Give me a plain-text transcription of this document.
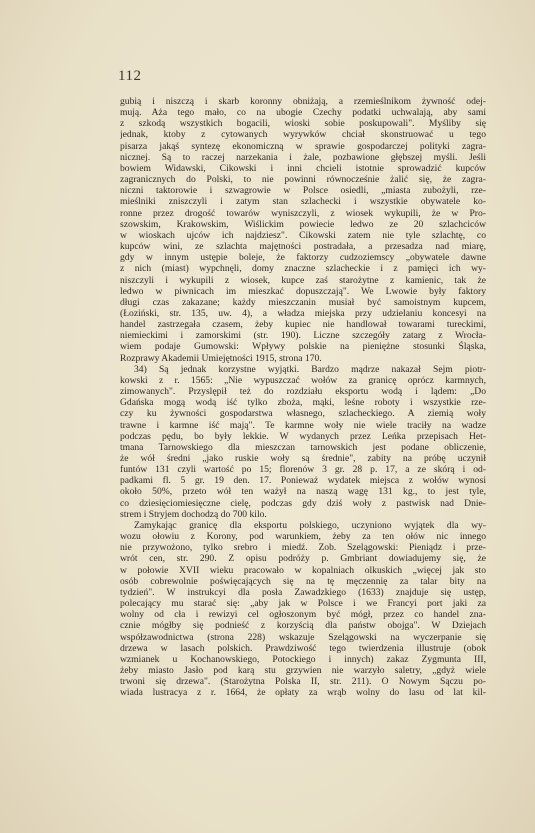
112
gubią i niszczą i skarb koronny obniżają, a rzemieślnikom żywność odej-
mują. Aża tego mało, co na ubogie Czechy podatki uchwalają, aby sami
z szkodą wszystkich bogacili, wioski sobie poskupowali". Myśliby się
jednak, ktoby z cytowanych wyrywków chciał skonstruować u tego
pisarza jakąś syntezę ekonomiczną w sprawie gospodarczej polityki zagra-
nicznej. Są to raczej narzekania i żale, pozbawione głębszej myśli. Jeśli
bowiem Widawski, Cikowski i inni chcieli istotnie sprowadzić kupców
zagranicznych do Polski, to nie powinni równocześnie żalić się, że zagra-
niczni taktorowie i szwagrowie w Polsce osiedli, „miasta zubożyli, rze-
mieślniki zniszczyli i zatym stan szlachecki i wszystkie obywatele ko-
ronne przez drogość towarów wyniszczyli, z wiosek wykupili, że w Pro-
szowskim, Krakowskim, Wiślickim powiecie ledwo ze 20 szlachciców
w wioskach ujców ich najdziesz". Cikowski zatem nie tyle szlachtę, co
kupców wini, ze szlachta majętności postradała, a przesadza nad miarę,
gdy w innym ustępie boleje, że faktorzy cudzoziemscy „obywatele dawne
z nich (miast) wypchnęli, domy znaczne szlacheckie i z pamięci ich wy-
niszczyli i wykupili z wiosek, kupce zaś starożytne z kamienic, tak że
ledwo w piwnicach im mieszkać dopuszczają". We Lwowie były faktory
długi czas zakazane; każdy mieszczanin musiał być samoistnym kupcem,
(Łoziński, str. 135, uw. 4), a władza miejska przy udzielaniu koncesyi na
handel zastrzegała czasem, żeby kupiec nie handlował towarami tureckimi,
niemieckimi i zamorskimi (str. 190). Liczne szczegóły zatarg z Wrocła-
wiem podaje Gumowski: Wpływy polskie na pieniężne stosunki Śląska,
Rozprawy Akademii Umiejętności 1915, strona 170.
34) Są jednak korzystne wyjątki. Bardzo mądrze nakazał Sejm piotr-
kowski z r. 1565: „Nie wypuszczać wołów za granicę oprócz karmnych,
zimowanych". Przyslępił też do rozdziału eksportu wodą i lądem: „Do
Gdańska mogą wodą iść tylko zboża, mąki, leśne roboty i wszystkie rze-
czy ku żywności gospodarstwa własnego, szlacheckiego. A ziemią woły
trawne i karmne iść mają". Te karmne woły nie wiele traciły na wadze
podczas pędu, bo były lekkie. W wydanych przez Leńka przepisach Het-
tmana Tarnowskiego dla mieszczan tarnowskich jest podane obliczenie,
że wół średni „jako ruskie woły są średnie", zabity na próbę uczynił
funtów 131 czyli wartość po 15; florenów 3 gr. 28 p. 17, a ze skórą i od-
padkami fl. 5 gr. 19 den. 17. Ponieważ wydatek miejsca z wołów wynosi
około 50%, przeto wół ten ważył na naszą wagę 131 kg., to jest tyle,
co dziesięciomiesięczne cielę, podczas gdy dziś woły z pastwisk nad Dnie-
strem i Stryjem dochodzą do 700 kilo.
Zamykając granicę dla eksportu polskiego, uczyniono wyjątek dla wy-
wozu ołowiu z Korony, pod warunkiem, żeby za ten ołów nic innego
nie przywożono, tylko srebro i miedź. Zob. Szelągowski: Pieniądz i prze-
wrót cen, str. 290. Z opisu podróży p. Gmbriant dowiadujemy się, że
w połowie XVII wieku pracowało w kopalniach olkuskich „więcej jak sto
osób cobrewolnie poświęcających się na tę męczennię za talar bity na
tydzień". W instrukcyi dla posła Zawadzkiego (1633) znajduje się ustęp,
polecający mu starać się: „aby jak w Polsce i we Francyi port jaki za
wolny od cła i rewizyi cel ogłoszonym być mógł, przez co handel zna-
cznie mógłby się podnieść z korzyścią dla państw obojga". W Dziejach
współzawodnictwa (strona 228) wskazuje Szelągowski na wyczerpanie się
drzewa w lasach polskich. Prawdziwość tego twierdzenia illustruje (obok
wzmianek u Kochanowskiego, Potockiego i innych) zakaz Zygmunta III,
żeby miasto Jasło pod karą stu grzywien nie warzyło saletry, „gdyż wiele
trwoni się drzewa". (Starożytna Polska II, str. 211). O Nowym Sączu po-
wiada lustracya z r. 1664, że opłaty za wrąb wolny do lasu od lat kil-
